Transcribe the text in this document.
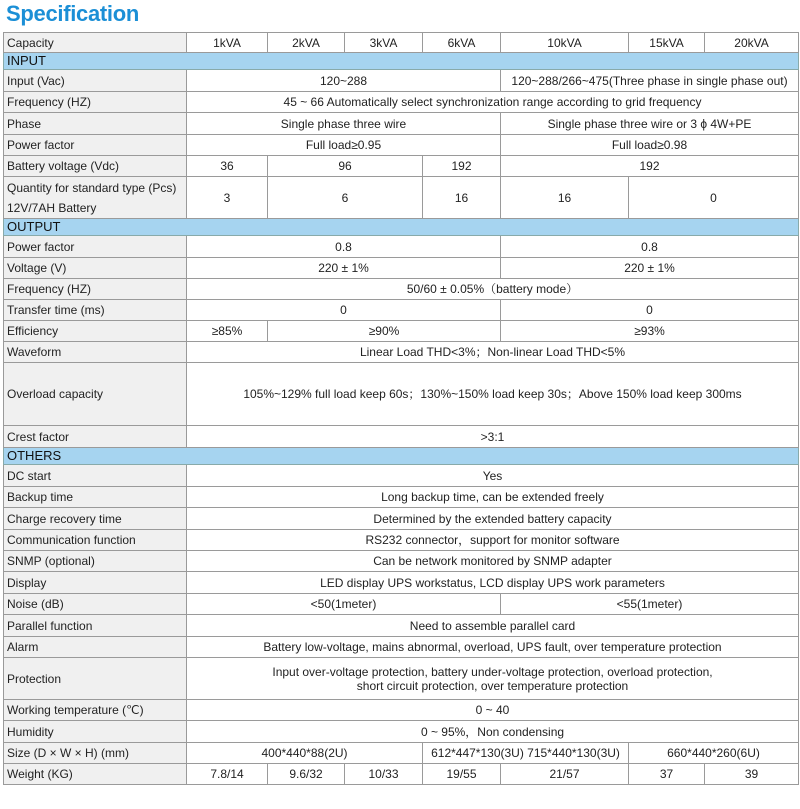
Specification
Capacity	1kVA	2kVA	3kVA	6kVA	10kVA	15kVA	20kVA
INPUT							
Input (Vac)	120~288				120~288/266~475(Three phase in single phase out)		
Frequency (HZ)	45 ~ 66 Automatically select synchronization range according to grid frequency						
Phase	Single phase three wire				Single phase three wire or 3 ϕ 4W+PE		
Power factor	Full load≥0.95				Full load≥0.98		
Battery voltage (Vdc)	36	96		192	192		
Quantity for standard type (Pcs) 12V/7AH Battery	3	6		16	16	0	
OUTPUT							
Power factor	0.8				0.8		
Voltage (V)	220 ± 1%				220 ± 1%		
Frequency (HZ)	50/60 ± 0.05%（battery mode）						
Transfer time (ms)	0				0		
Efficiency	≥85%	≥90%			≥93%		
Waveform	Linear Load THD<3%；Non-linear Load THD<5%						
Overload capacity	105%~129% full load keep 60s；130%~150% load keep 30s；Above 150% load keep 300ms						
Crest factor	>3:1						
OTHERS							
DC start	Yes						
Backup time	Long backup time, can be extended freely						
Charge recovery time	Determined by the extended battery capacity						
Communication function	RS232 connector，support for monitor software						
SNMP (optional)	Can be network monitored by SNMP adapter						
Display	LED display UPS workstatus, LCD display UPS work parameters						
Noise (dB)	<50(1meter)				<55(1meter)		
Parallel function	Need to assemble parallel card						
Alarm	Battery low-voltage, mains abnormal, overload, UPS fault, over temperature protection						
Protection	Input over-voltage protection, battery under-voltage protection, overload protection,
short circuit protection, over temperature protection						

Working temperature (℃)	0 ~ 40						
Humidity	0 ~ 95%，Non condensing						
Size (D × W × H) (mm)	400*440*88(2U)			612*447*130(3U) 715*440*130(3U)		660*440*260(6U)	
Weight (KG)	7.8/14	9.6/32	10/33	19/55	21/57	37	39
